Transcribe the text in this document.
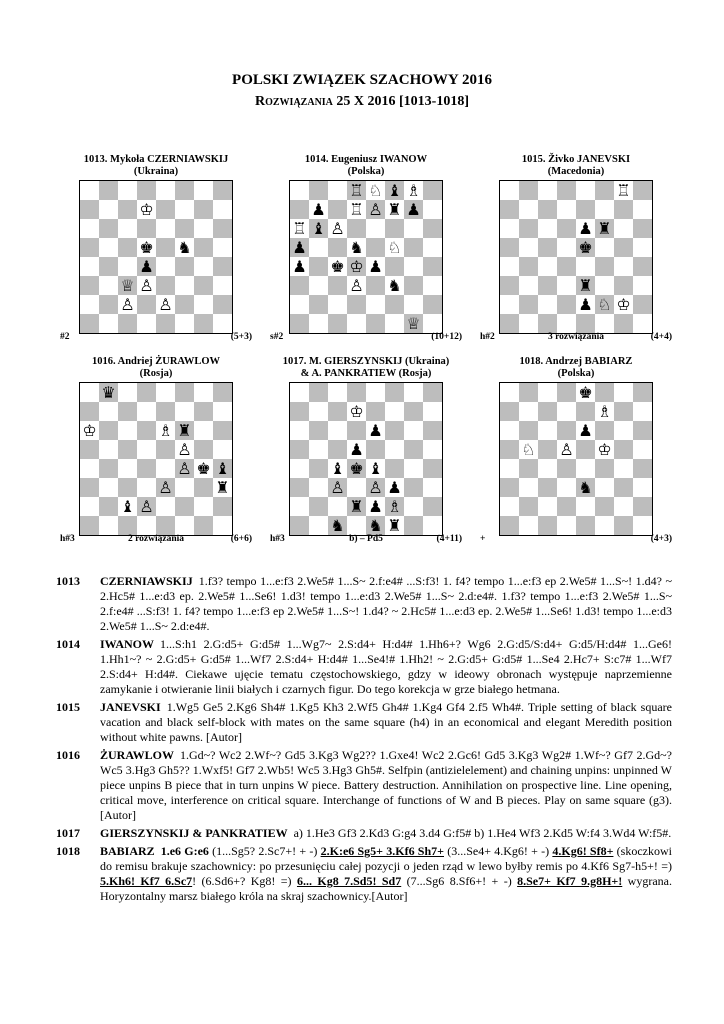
POLSKI ZWIĄZEK SZACHOWY 2016
Rozwiązania 25 X 2016 [1013-1018]
1013. Mykoła CZERNIAWSKIJ
(Ukraina)
♔
♚ ♞
♟
♕ ♙
♙ ♙
#2	(5+3)
1014. Eugeniusz IWANOW
(Polska)
♖ ♘ ♝ ♗
♟ ♖ ♙ ♜ ♟
♖ ♝ ♙
♟	♞ ♘
♟ ♚ ♔ ♟
♙ ♞
♕
s#2	(10+12)
1015. Živko JANEVSKI
(Macedonia)
♖
♟ ♜
♚
♜
♟ ♘ ♔
h#2	3 rozwiązania	(4+4)
1016. Andriej ŻURAWLOW
(Rosja)
♛
♔	♗ ♜
♙
♙ ♚ ♝
♙	♜
♝ ♙
h#3	2 rozwiązania	(6+6)
1017. M. GIERSZYNSKIJ (Ukraina)
& A. PANKRATIEW (Rosja)
♔
♟
♟
♝ ♚ ♝
♙ ♙ ♟
♜ ♟ ♗
♞ ♞ ♜
h#3	b) – Pd5	(4+11)
1018. Andrzej BABIARZ
(Polska)
♚
♗
♟
♘ ♙ ♔
♞
+	(4+3)
1013	CZERNIAWSKIJ 1.f3? tempo 1...e:f3 2.We5# 1...S~ 2.f:e4# ...S:f3! 1. f4? tempo 1...e:f3 ep 2.We5# 1...S~! 1.d4? ~ 2.Hc5# 1...e:d3 ep. 2.We5# 1...Se6! 1.d3! tempo 1...e:d3 2.We5# 1...S~ 2.d:e4#. 1.f3? tempo 1...e:f3 2.We5# 1...S~ 2.f:e4# ...S:f3! 1. f4? tempo 1...e:f3 ep 2.We5# 1...S~! 1.d4? ~ 2.Hc5# 1...e:d3 ep. 2.We5# 1...Se6! 1.d3! tempo 1...e:d3 2.We5# 1...S~ 2.d:e4#.
1014	IWANOW 1...S:h1 2.G:d5+ G:d5# 1...Wg7~ 2.S:d4+ H:d4# 1.Hh6+? Wg6 2.G:d5/S:d4+ G:d5/H:d4# 1...Ge6! 1.Hh1~? ~ 2.G:d5+ G:d5# 1...Wf7 2.S:d4+ H:d4# 1...Se4!# 1.Hh2! ~ 2.G:d5+ G:d5# 1...Se4 2.Hc7+ S:c7# 1...Wf7 2.S:d4+ H:d4#. Ciekawe ujęcie tematu częstochowskiego, gdzy w ideowy obronach występuje naprzemienne zamykanie i otwieranie linii białych i czarnych figur. Do tego korekcja w grze białego hetmana.
1015	JANEVSKI 1.Wg5 Ge5 2.Kg6 Sh4# 1.Kg5 Kh3 2.Wf5 Gh4# 1.Kg4 Gf4 2.f5 Wh4#. Triple setting of black square vacation and black self-block with mates on the same square (h4) in an economical and elegant Meredith position without white pawns. [Autor]
1016	ŻURAWLOW 1.Gd~? Wc2 2.Wf~? Gd5 3.Kg3 Wg2?? 1.Gxe4! Wc2 2.Gc6! Gd5 3.Kg3 Wg2# 1.Wf~? Gf7 2.Gd~? Wc5 3.Hg3 Gh5?? 1.Wxf5! Gf7 2.Wb5! Wc5 3.Hg3 Gh5#. Selfpin (antizielelement) and chaining unpins: unpinned W piece unpins B piece that in turn unpins W piece. Battery destruction. Annihilation on prospective line. Line opening, critical move, interference on critical square. Interchange of functions of W and B pieces. Play on same square (g3). [Autor]
1017	GIERSZYNSKIJ & PANKRATIEW a) 1.He3 Gf3 2.Kd3 G:g4 3.d4 G:f5# b) 1.He4 Wf3 2.Kd5 W:f4 3.Wd4 W:f5#.
1018	BABIARZ 1.e6 G:e6 (1...Sg5? 2.Sc7+! + -) 2.K:e6 Sg5+ 3.Kf6 Sh7+ (3...Se4+ 4.Kg6! + -) 4.Kg6! Sf8+ (skoczkowi do remisu brakuje szachownicy: po przesunięciu całej pozycji o jeden rząd w lewo byłby remis po 4.Kf6 Sg7-h5+! =) 5.Kh6! Kf7 6.Sc7! (6.Sd6+? Kg8! =) 6... Kg8 7.Sd5! Sd7 (7...Sg6 8.Sf6+! + -) 8.Se7+ Kf7 9.g8H+! wygrana. Horyzontalny marsz białego króla na skraj szachownicy.[Autor]
